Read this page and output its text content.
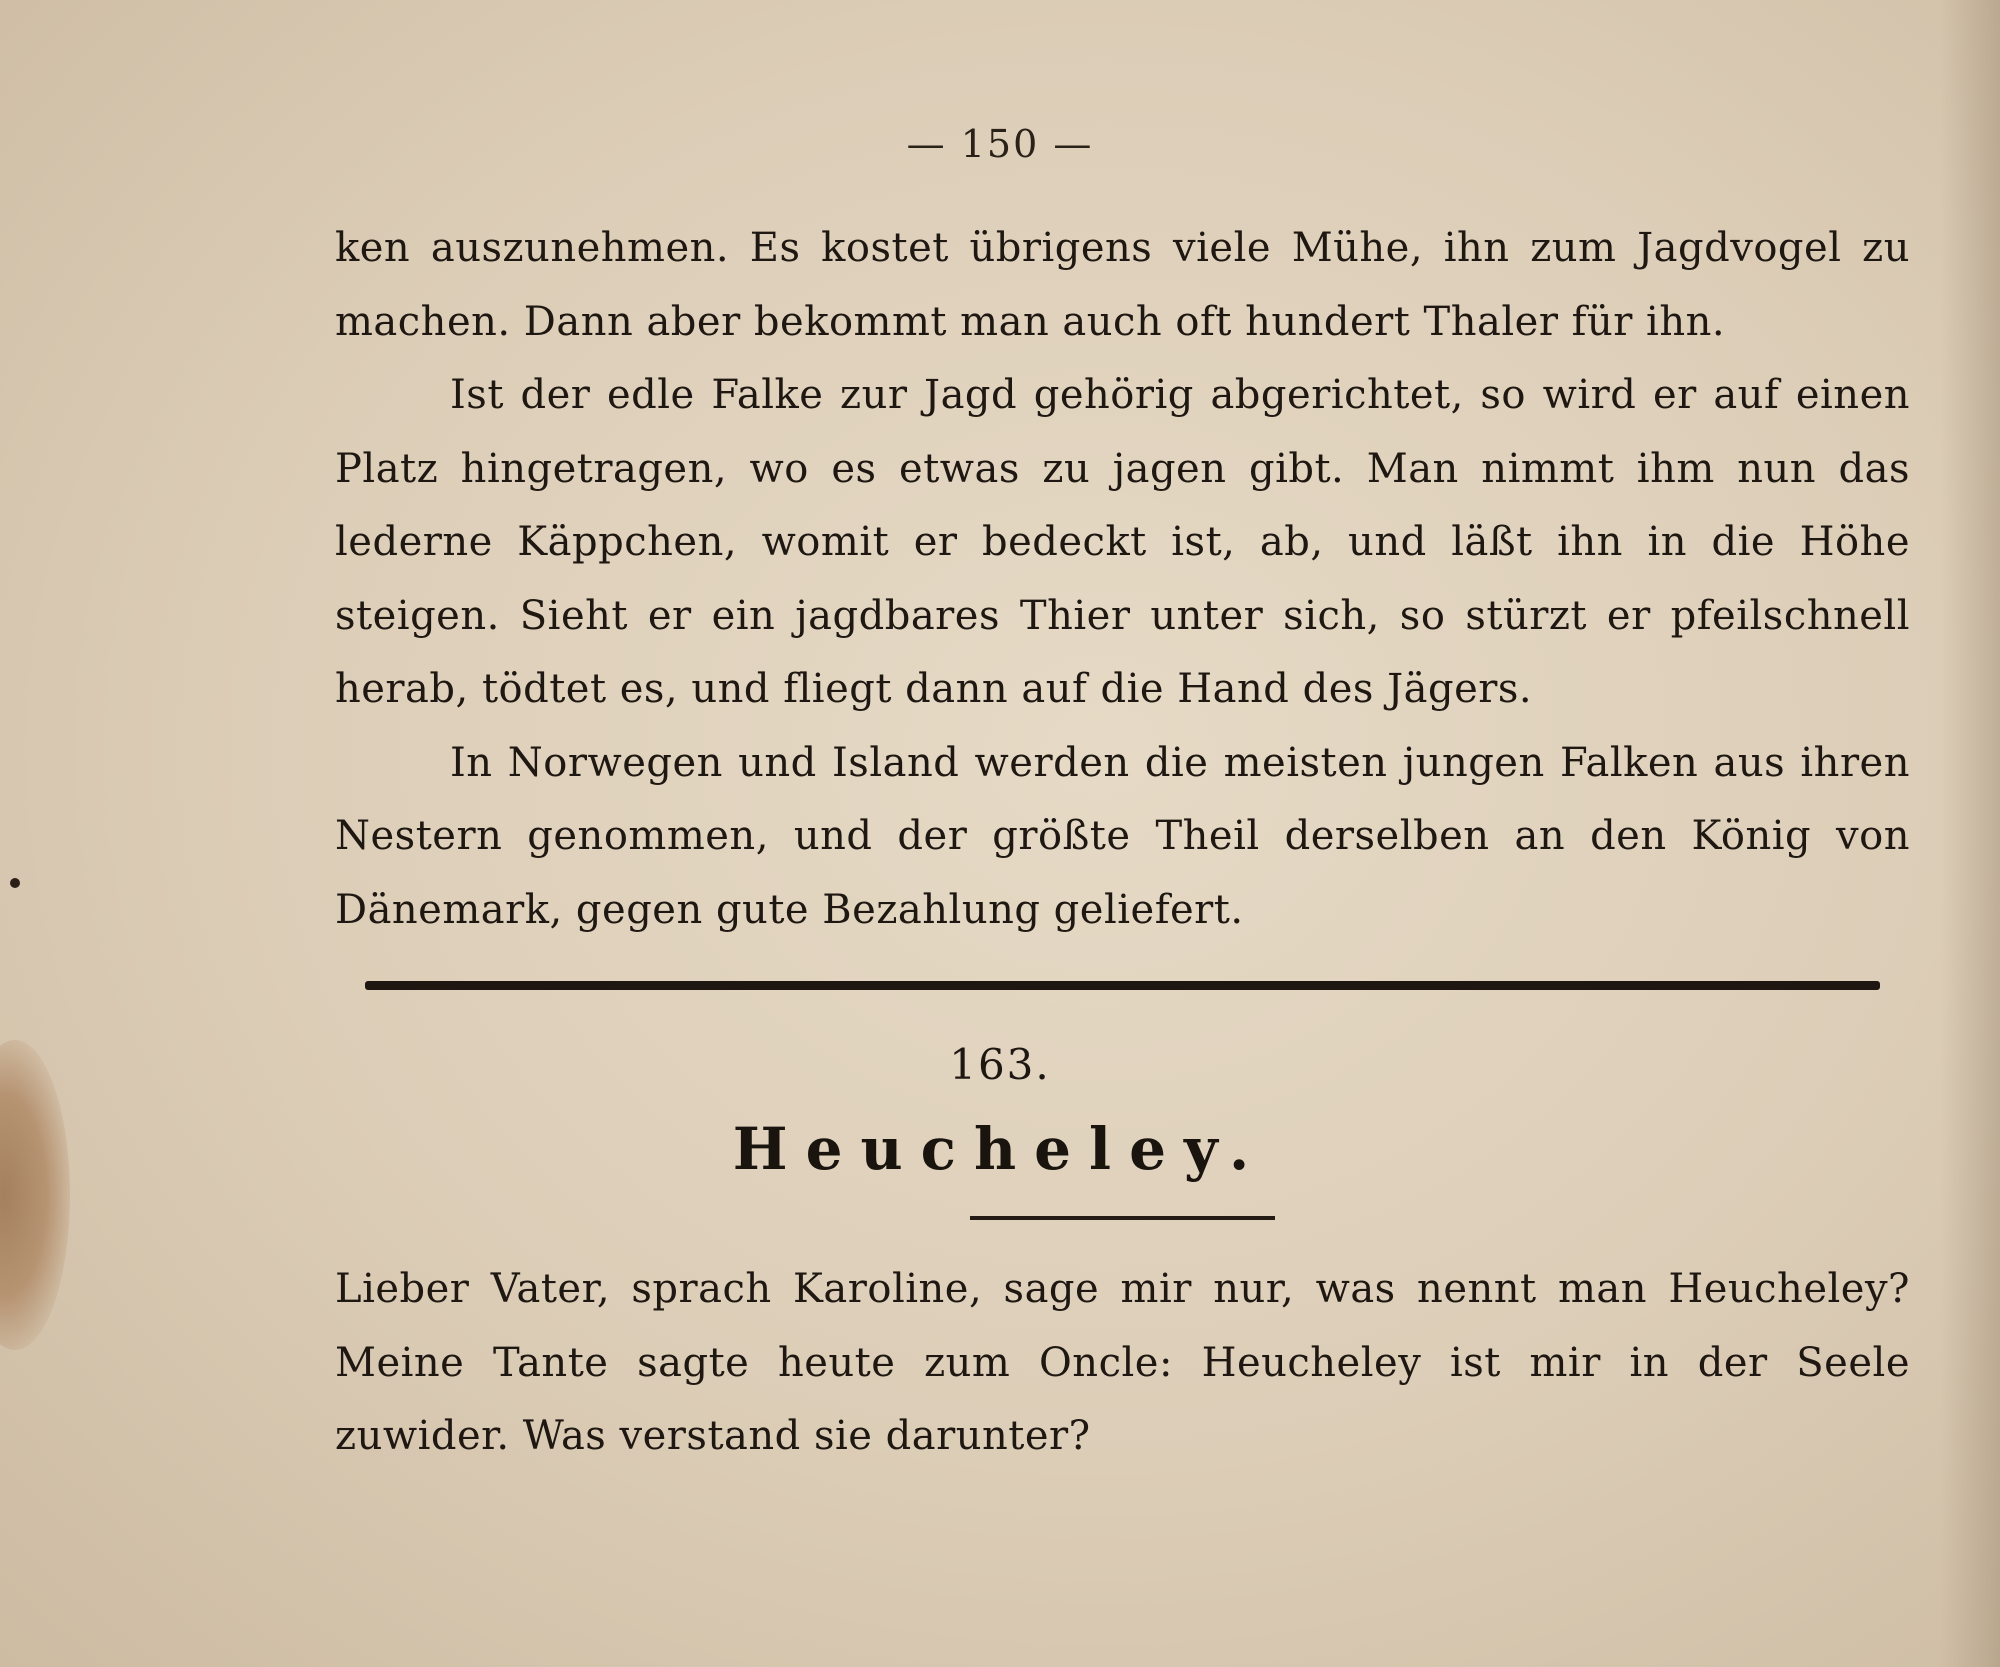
— 150 —

ken auszunehmen. Es kostet übrigens viele Mühe, ihn zum Jagdvogel zu machen. Dann aber bekommt man auch oft hundert Thaler für ihn.

Ist der edle Falke zur Jagd gehörig abgerichtet, so wird er auf einen Platz hingetragen, wo es etwas zu jagen gibt. Man nimmt ihm nun das lederne Käppchen, womit er bedeckt ist, ab, und läßt ihn in die Höhe steigen. Sieht er ein jagdbares Thier unter sich, so stürzt er pfeilschnell herab, tödtet es, und fliegt dann auf die Hand des Jägers.

In Norwegen und Island werden die meisten jungen Falken aus ihren Nestern genommen, und der größte Theil derselben an den König von Dänemark, gegen gute Bezahlung geliefert.

163.
Heucheley.

Lieber Vater, sprach Karoline, sage mir nur, was nennt man Heucheley? Meine Tante sagte heute zum Oncle: Heucheley ist mir in der Seele zuwider. Was verstand sie darunter?
